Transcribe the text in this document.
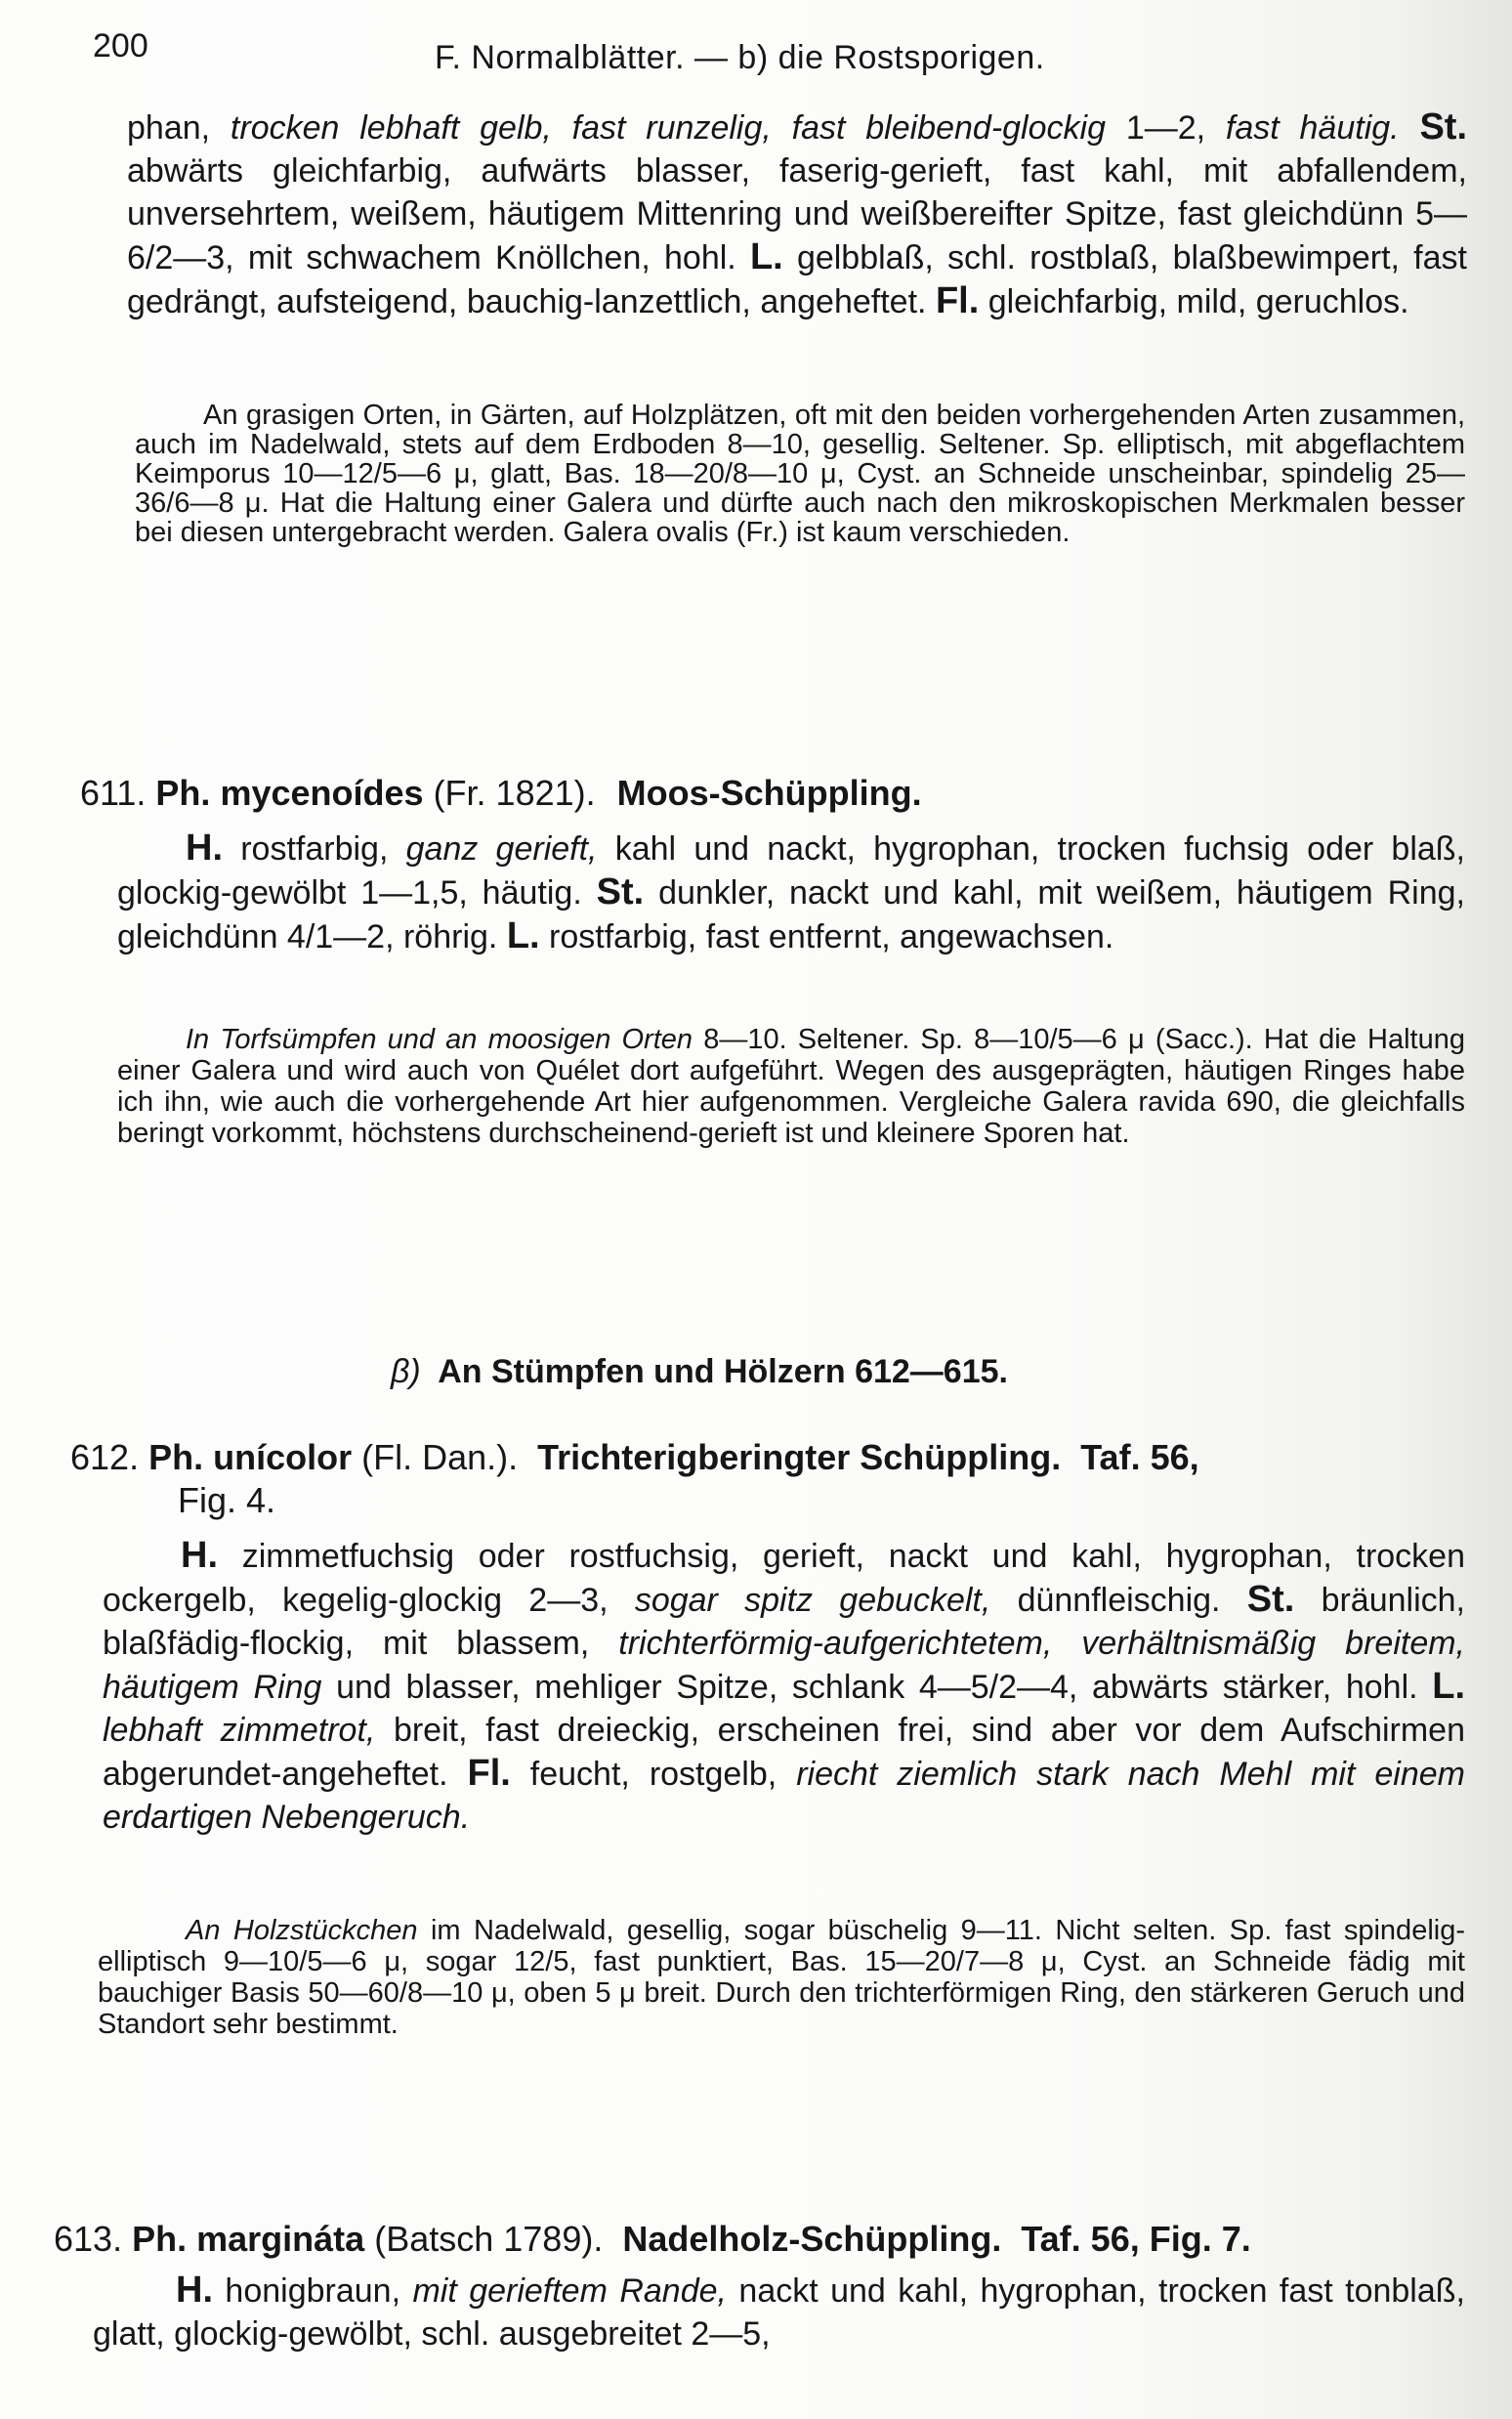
200	F. Normalblätter. — b) die Rostsporigen.

phan, trocken lebhaft gelb, fast runzelig, fast bleibend-glockig 1—2, fast häutig. St. abwärts gleichfarbig, aufwärts blasser, faserig-gerieft, fast kahl, mit abfallendem, unversehrtem, weißem, häutigem Mittenring und weißbereifter Spitze, fast gleichdünn 5—6/2—3, mit schwachem Knöllchen, hohl. L. gelbblaß, schl. rostblaß, blaßbewimpert, fast gedrängt, aufsteigend, bauchig-lanzettlich, angeheftet. Fl. gleichfarbig, mild, geruchlos.

An grasigen Orten, in Gärten, auf Holzplätzen, oft mit den beiden vorhergehenden Arten zusammen, auch im Nadelwald, stets auf dem Erdboden 8—10, gesellig. Seltener. Sp. elliptisch, mit abgeflachtem Keimporus 10—12/5—6 μ, glatt, Bas. 18—20/8—10 μ, Cyst. an Schneide unscheinbar, spindelig 25—36/6—8 μ. Hat die Haltung einer Galera und dürfte auch nach den mikroskopischen Merkmalen besser bei diesen untergebracht werden. Galera ovalis (Fr.) ist kaum verschieden.

611. Ph. mycenoídes (Fr. 1821). Moos-Schüppling.

H. rostfarbig, ganz gerieft, kahl und nackt, hygrophan, trocken fuchsig oder blaß, glockig-gewölbt 1—1,5, häutig. St. dunkler, nackt und kahl, mit weißem, häutigem Ring, gleichdünn 4/1—2, röhrig. L. rostfarbig, fast entfernt, angewachsen.

In Torfsümpfen und an moosigen Orten 8—10. Seltener. Sp. 8—10/5—6 μ (Sacc.). Hat die Haltung einer Galera und wird auch von Quélet dort aufgeführt. Wegen des ausgeprägten, häutigen Ringes habe ich ihn, wie auch die vorhergehende Art hier aufgenommen. Vergleiche Galera ravida 690, die gleichfalls beringt vorkommt, höchstens durchscheinend-gerieft ist und kleinere Sporen hat.

β) An Stümpfen und Hölzern 612—615.
612. Ph. unícolor (Fl. Dan.). Trichterigberingter Schüppling. Taf. 56,
Fig. 4.

H. zimmetfuchsig oder rostfuchsig, gerieft, nackt und kahl, hygrophan, trocken ockergelb, kegelig-glockig 2—3, sogar spitz gebuckelt, dünnfleischig. St. bräunlich, blaßfädig-flockig, mit blassem, trichterförmig-aufgerichtetem, verhältnismäßig breitem, häutigem Ring und blasser, mehliger Spitze, schlank 4—5/2—4, abwärts stärker, hohl. L. lebhaft zimmetrot, breit, fast dreieckig, erscheinen frei, sind aber vor dem Aufschirmen abgerundet-angeheftet. Fl. feucht, rostgelb, riecht ziemlich stark nach Mehl mit einem erdartigen Nebengeruch.

An Holzstückchen im Nadelwald, gesellig, sogar büschelig 9—11. Nicht selten. Sp. fast spindelig-elliptisch 9—10/5—6 μ, sogar 12/5, fast punktiert, Bas. 15—20/7—8 μ, Cyst. an Schneide fädig mit bauchiger Basis 50—60/8—10 μ, oben 5 μ breit. Durch den trichterförmigen Ring, den stärkeren Geruch und Standort sehr bestimmt.

613. Ph. margináta (Batsch 1789). Nadelholz-Schüppling. Taf. 56, Fig. 7.

H. honigbraun, mit gerieftem Rande, nackt und kahl, hygrophan, trocken fast tonblaß, glatt, glockig-gewölbt, schl. ausgebreitet 2—5,
